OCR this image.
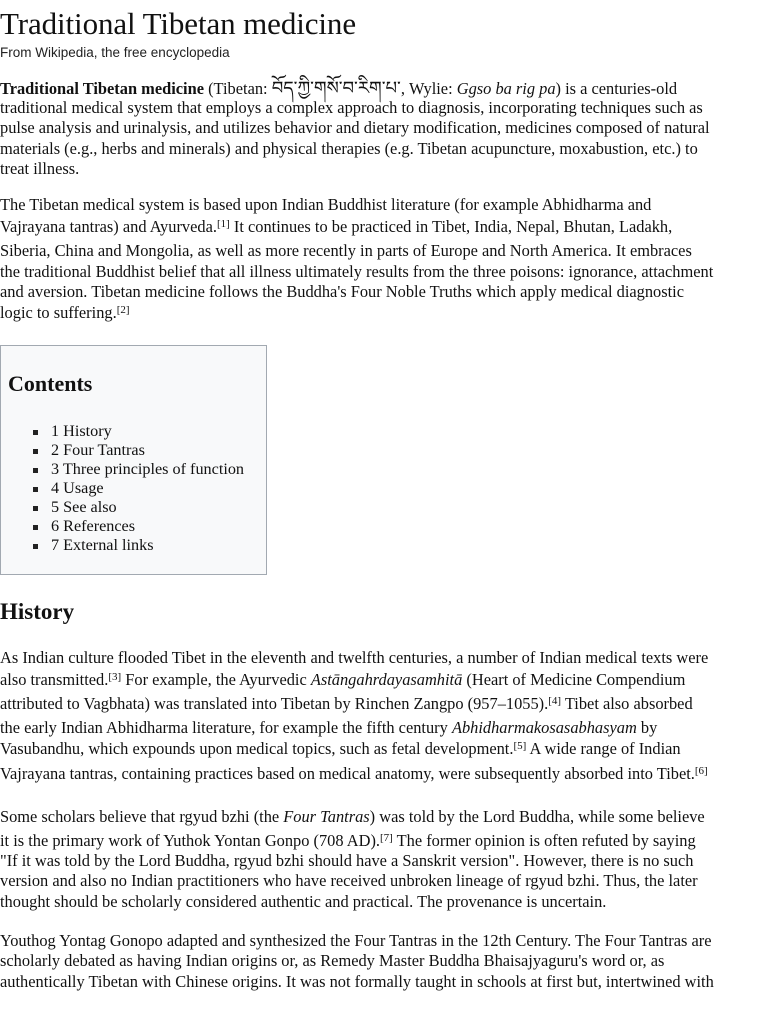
Traditional Tibetan medicine
From Wikipedia, the free encyclopedia

Traditional Tibetan medicine (Tibetan: བོད་ཀྱི་གསོ་བ་རིག་པ་, Wylie: Ggso ba rig pa) is a centuries-old
traditional medical system that employs a complex approach to diagnosis, incorporating techniques such as
pulse analysis and urinalysis, and utilizes behavior and dietary modification, medicines composed of natural
materials (e.g., herbs and minerals) and physical therapies (e.g. Tibetan acupuncture, moxabustion, etc.) to
treat illness.

The Tibetan medical system is based upon Indian Buddhist literature (for example Abhidharma and
Vajrayana tantras) and Ayurveda.[1] It continues to be practiced in Tibet, India, Nepal, Bhutan, Ladakh,
Siberia, China and Mongolia, as well as more recently in parts of Europe and North America. It embraces
the traditional Buddhist belief that all illness ultimately results from the three poisons: ignorance, attachment
and aversion. Tibetan medicine follows the Buddha's Four Noble Truths which apply medical diagnostic
logic to suffering.[2]

Contents
1 History
2 Four Tantras
3 Three principles of function
4 Usage
5 See also
6 References
7 External links
History

As Indian culture flooded Tibet in the eleventh and twelfth centuries, a number of Indian medical texts were
also transmitted.[3] For example, the Ayurvedic Astāngahrdayasamhitā (Heart of Medicine Compendium
attributed to Vagbhata) was translated into Tibetan by Rinchen Zangpo (957–1055).[4] Tibet also absorbed
the early Indian Abhidharma literature, for example the fifth century Abhidharmakosasabhasyam by
Vasubandhu, which expounds upon medical topics, such as fetal development.[5] A wide range of Indian
Vajrayana tantras, containing practices based on medical anatomy, were subsequently absorbed into Tibet.[6]

Some scholars believe that rgyud bzhi (the Four Tantras) was told by the Lord Buddha, while some believe
it is the primary work of Yuthok Yontan Gonpo (708 AD).[7] The former opinion is often refuted by saying
"If it was told by the Lord Buddha, rgyud bzhi should have a Sanskrit version". However, there is no such
version and also no Indian practitioners who have received unbroken lineage of rgyud bzhi. Thus, the later
thought should be scholarly considered authentic and practical. The provenance is uncertain.

Youthog Yontag Gonopo adapted and synthesized the Four Tantras in the 12th Century. The Four Tantras are
scholarly debated as having Indian origins or, as Remedy Master Buddha Bhaisajyaguru's word or, as
authentically Tibetan with Chinese origins. It was not formally taught in schools at first but, intertwined with
